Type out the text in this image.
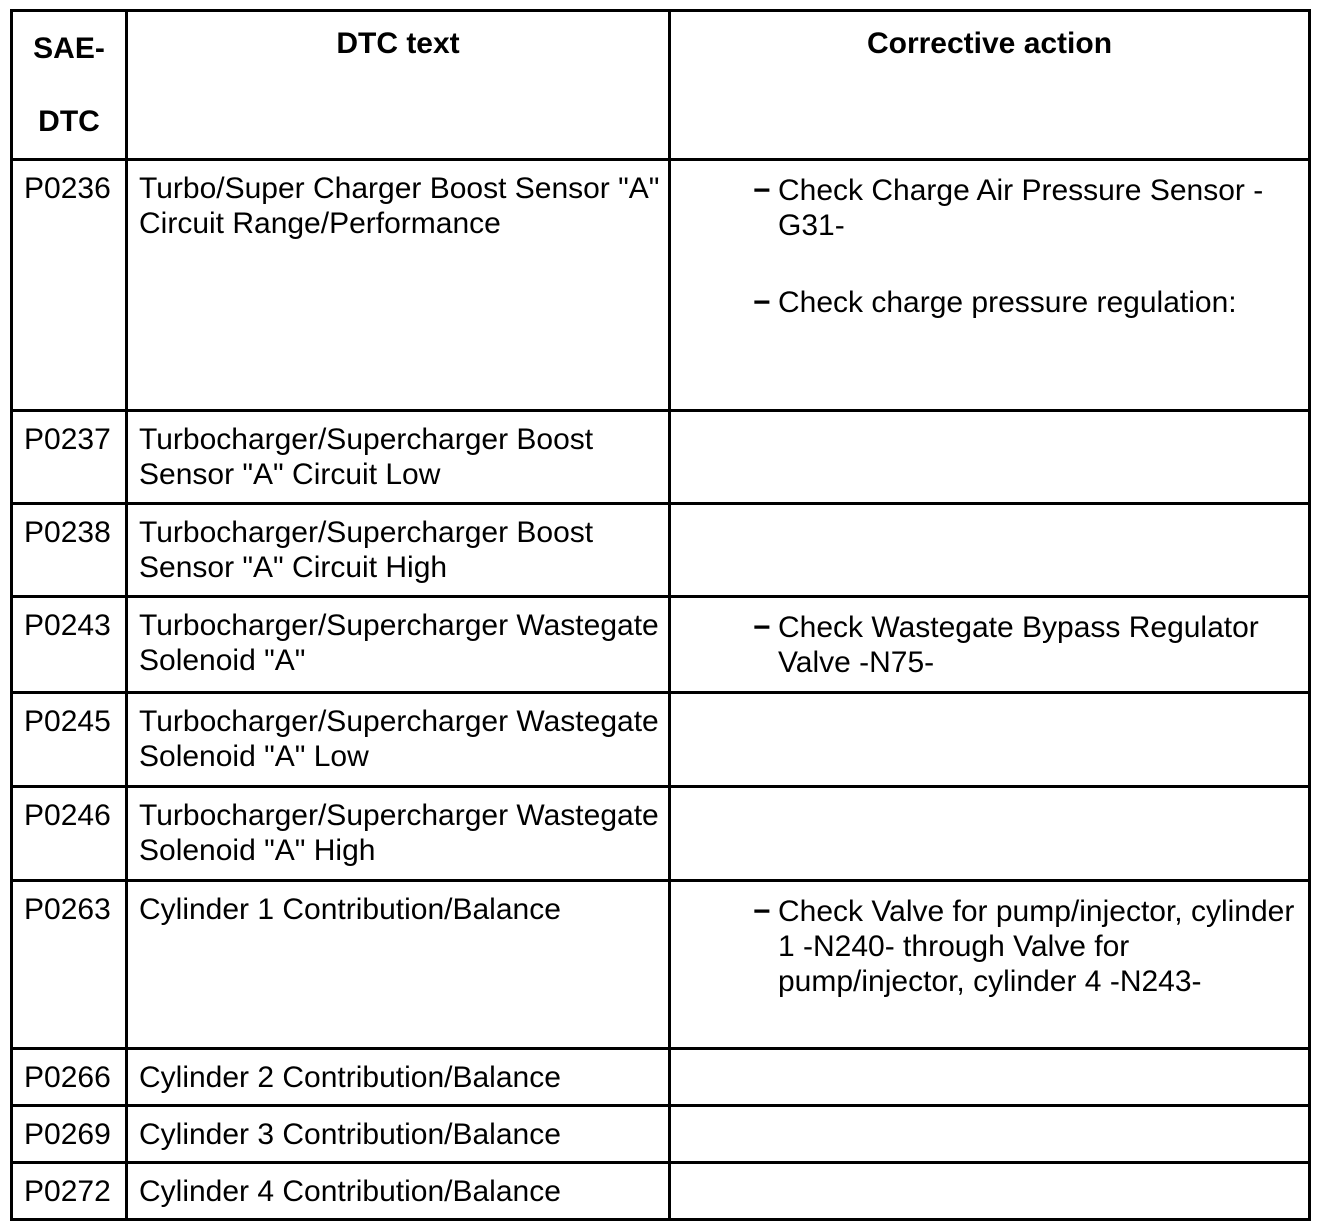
SAE-
DTC	DTC text	Corrective action

P0236	Turbo/Super Charger Boost Sensor "A" Circuit Range/Performance	− Check Charge Air Pressure Sensor -G31-
− Check charge pressure regulation:

P0237	Turbocharger/Supercharger Boost Sensor "A" Circuit Low	

P0238	Turbocharger/Supercharger Boost Sensor "A" Circuit High	

P0243	Turbocharger/Supercharger Wastegate Solenoid "A"	− Check Wastegate Bypass Regulator Valve -N75-

P0245	Turbocharger/Supercharger Wastegate Solenoid "A" Low	

P0246	Turbocharger/Supercharger Wastegate Solenoid "A" High	

P0263	Cylinder 1 Contribution/Balance	− Check Valve for pump/injector, cylinder 1 -N240- through Valve for pump/injector, cylinder 4 -N243-

P0266	Cylinder 2 Contribution/Balance	

P0269	Cylinder 3 Contribution/Balance	

P0272	Cylinder 4 Contribution/Balance	
